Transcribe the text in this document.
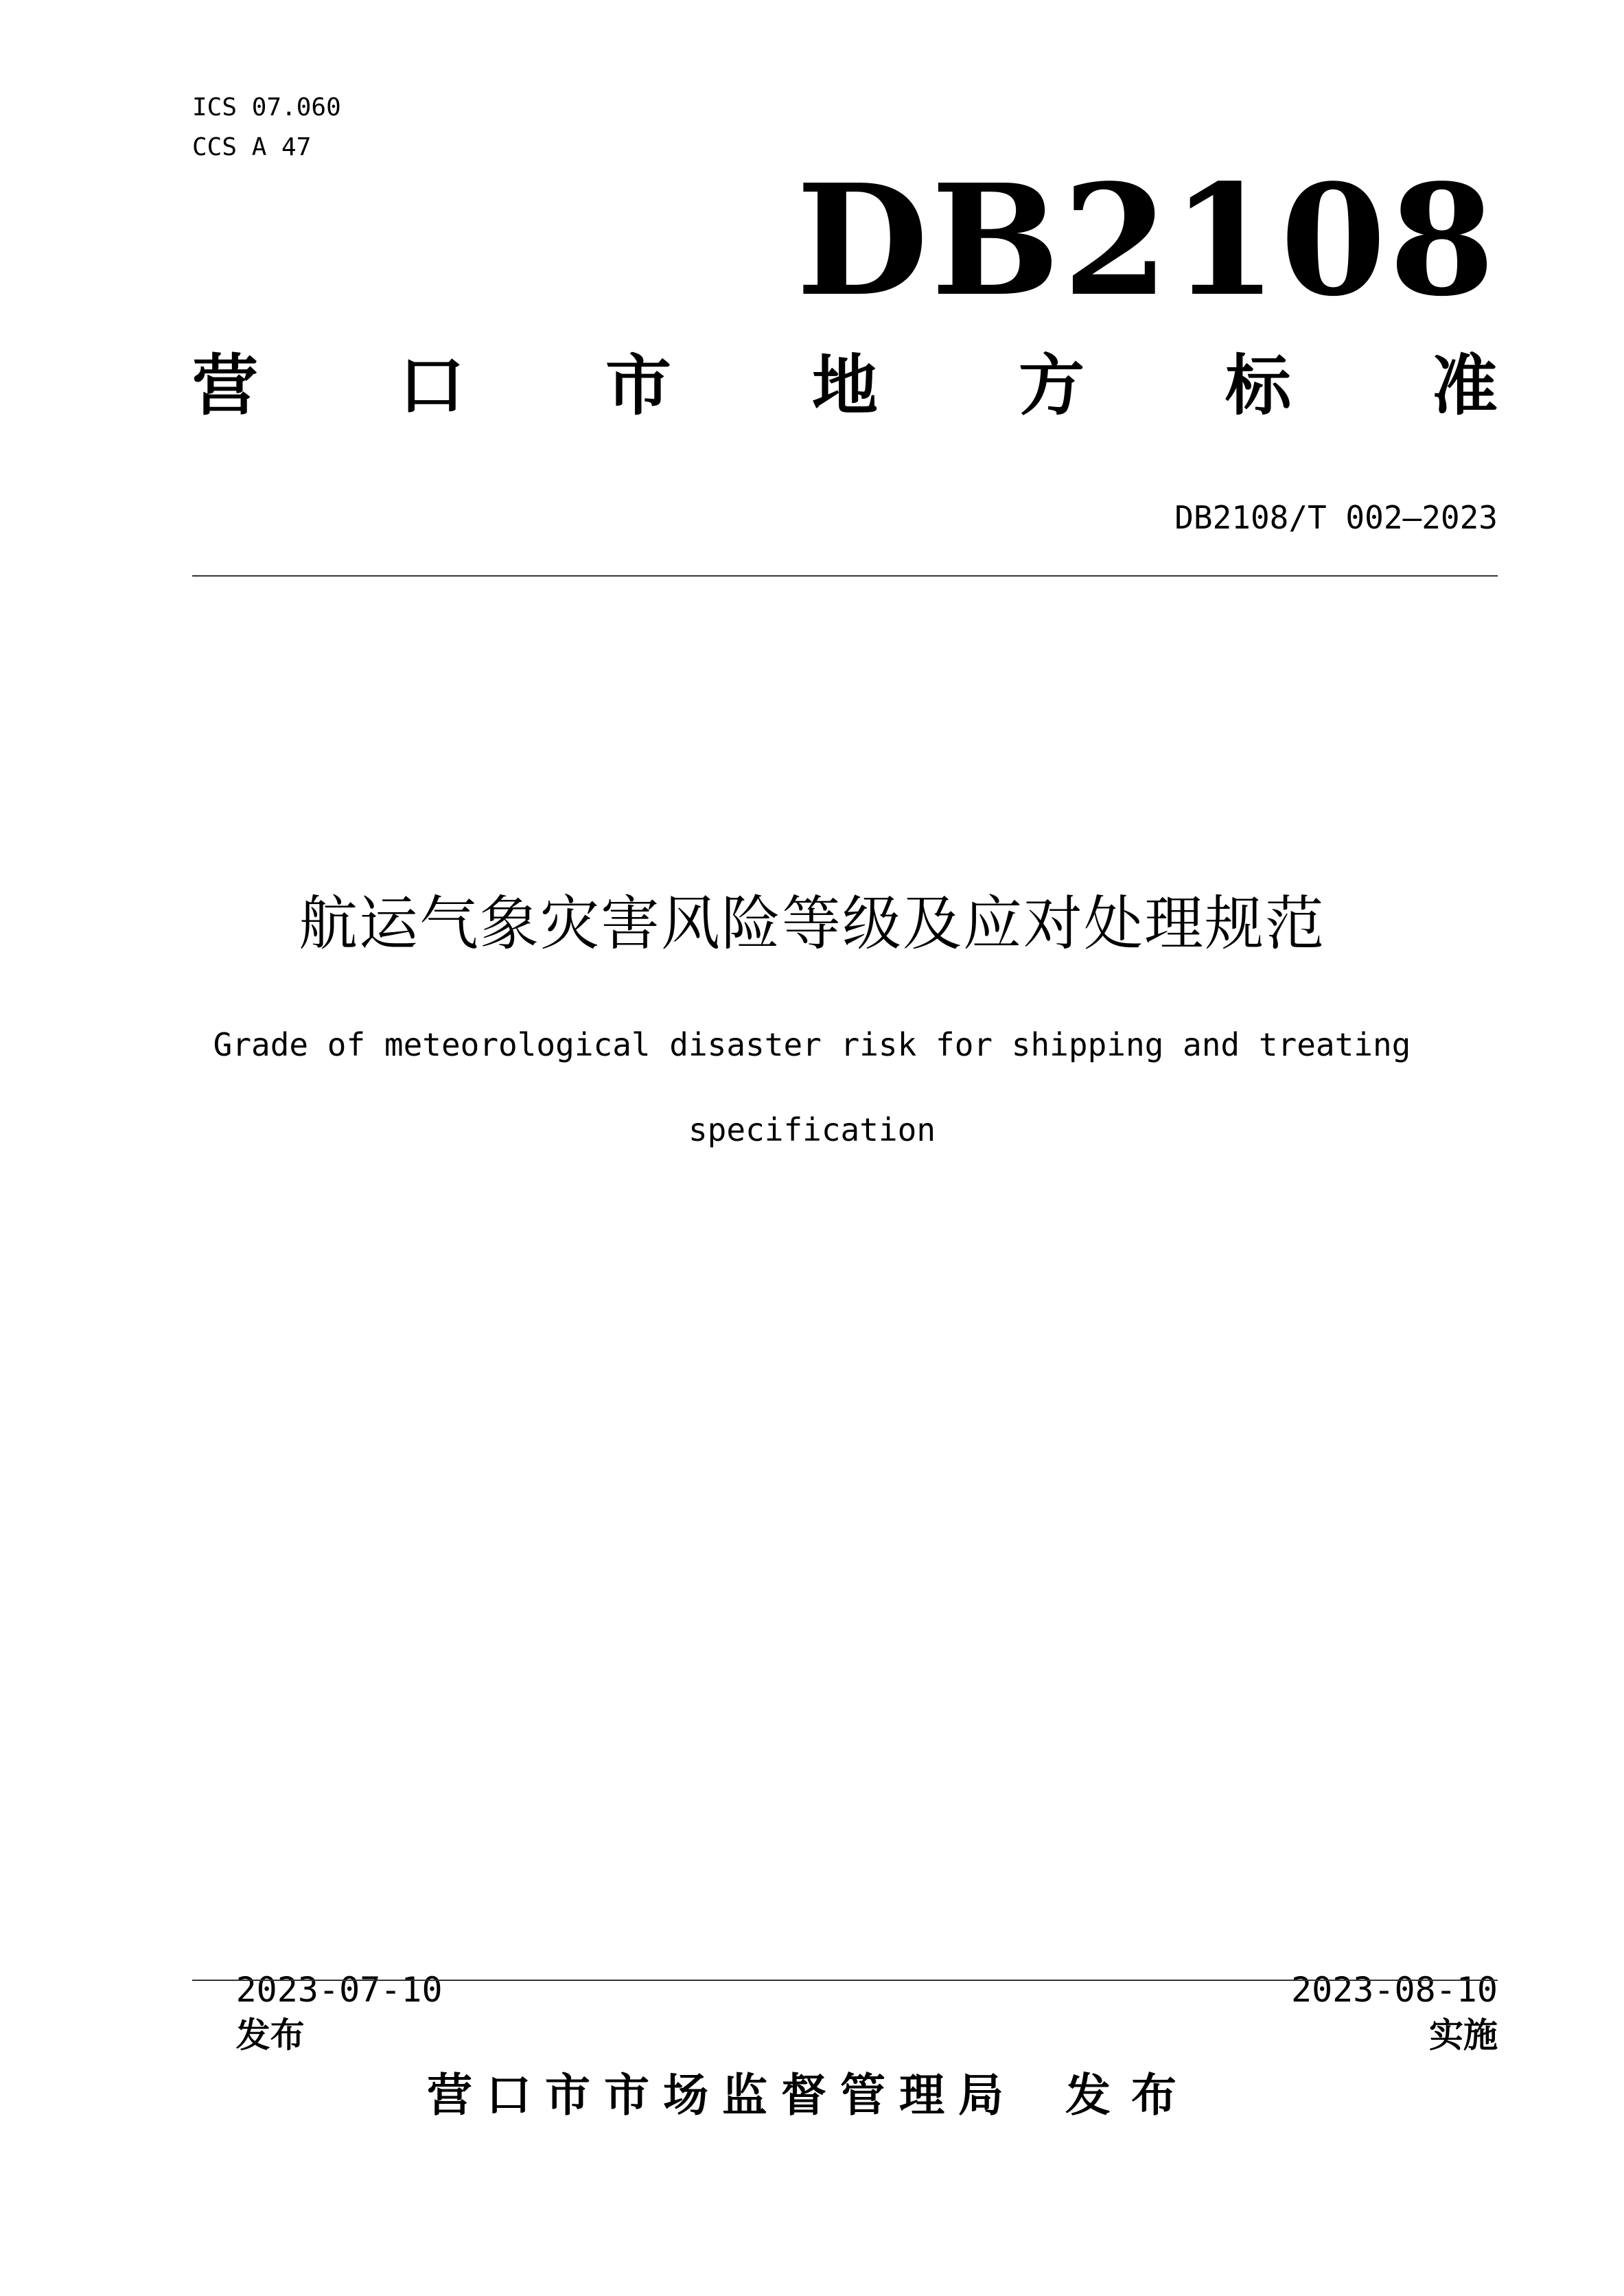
ICS 07.060
CCS A 47
DB2108
营 口 市 地 方 标 准
DB2108/T 002—2023
航运气象灾害风险等级及应对处理规范
Grade of meteorological disaster risk for shipping and treating specification

2023-07-10
发布

2023-08-10
实施

营口市市场监督管理局 发布
